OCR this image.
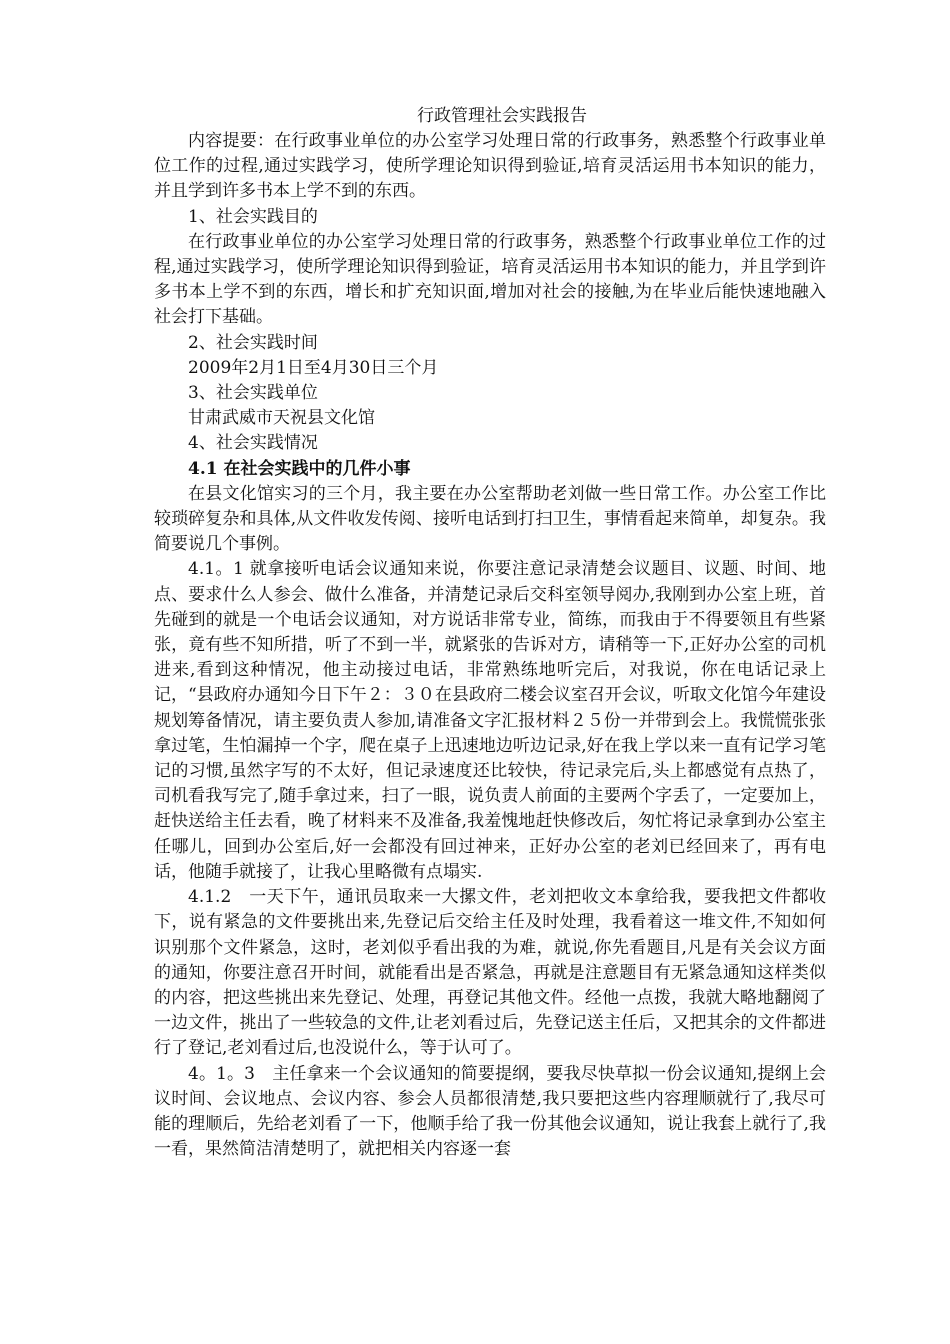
行政管理社会实践报告

内容提要：在行政事业单位的办公室学习处理日常的行政事务，熟悉整个行政事业单位工作的过程,通过实践学习，使所学理论知识得到验证,培育灵活运用书本知识的能力，并且学到许多书本上学不到的东西。

1、社会实践目的

在行政事业单位的办公室学习处理日常的行政事务，熟悉整个行政事业单位工作的过程,通过实践学习，使所学理论知识得到验证，培育灵活运用书本知识的能力，并且学到许多书本上学不到的东西，增长和扩充知识面,增加对社会的接触,为在毕业后能快速地融入社会打下基础。

2、社会实践时间

2009年2月1日至4月30日三个月

3、社会实践单位

甘肃武威市天祝县文化馆

4、社会实践情况

4.1 在社会实践中的几件小事

在县文化馆实习的三个月，我主要在办公室帮助老刘做一些日常工作。办公室工作比较琐碎复杂和具体,从文件收发传阅、接听电话到打扫卫生，事情看起来简单，却复杂。我简要说几个事例。

4.1。1 就拿接听电话会议通知来说，你要注意记录清楚会议题目、议题、时间、地点、要求什么人参会、做什么准备，并清楚记录后交科室领导阅办,我刚到办公室上班，首先碰到的就是一个电话会议通知，对方说话非常专业，简练，而我由于不得要领且有些紧张，竟有些不知所措，听了不到一半，就紧张的告诉对方，请稍等一下,正好办公室的司机进来,看到这种情况，他主动接过电话，非常熟练地听完后，对我说，你在电话记录上记，“县政府办通知今日下午２：３０在县政府二楼会议室召开会议，听取文化馆今年建设规划筹备情况，请主要负责人参加,请准备文字汇报材料２５份一并带到会上。我慌慌张张拿过笔，生怕漏掉一个字，爬在桌子上迅速地边听边记录,好在我上学以来一直有记学习笔记的习惯,虽然字写的不太好，但记录速度还比较快，待记录完后,头上都感觉有点热了，司机看我写完了,随手拿过来，扫了一眼，说负责人前面的主要两个字丢了，一定要加上，赶快送给主任去看，晚了材料来不及准备,我羞愧地赶快修改后，匆忙将记录拿到办公室主任哪儿，回到办公室后,好一会都没有回过神来，正好办公室的老刘已经回来了，再有电话，他随手就接了，让我心里略微有点塌实.

4.1.2　一天下午，通讯员取来一大摞文件，老刘把收文本拿给我，要我把文件都收下，说有紧急的文件要挑出来,先登记后交给主任及时处理，我看着这一堆文件,不知如何识别那个文件紧急，这时，老刘似乎看出我的为难，就说,你先看题目,凡是有关会议方面的通知，你要注意召开时间，就能看出是否紧急，再就是注意题目有无紧急通知这样类似的内容，把这些挑出来先登记、处理，再登记其他文件。经他一点拨，我就大略地翻阅了一边文件，挑出了一些较急的文件,让老刘看过后，先登记送主任后，又把其余的文件都进行了登记,老刘看过后,也没说什么，等于认可了。

4。1。3　主任拿来一个会议通知的简要提纲，要我尽快草拟一份会议通知,提纲上会议时间、会议地点、会议内容、参会人员都很清楚,我只要把这些内容理顺就行了,我尽可能的理顺后，先给老刘看了一下，他顺手给了我一份其他会议通知，说让我套上就行了,我一看，果然简洁清楚明了，就把相关内容逐一套
